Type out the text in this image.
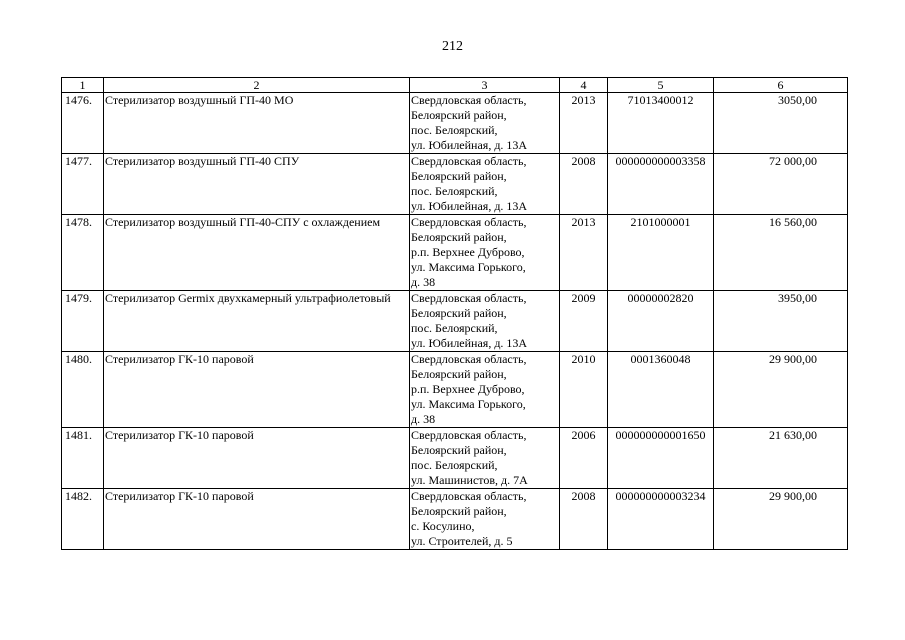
212
1	2	3	4	5	6
1476.	Стерилизатор воздушный ГП-40 МО	Свердловская область,
Белоярский район,
пос. Белоярский,
ул. Юбилейная, д. 13А	2013	71013400012	3050,00
1477.	Стерилизатор воздушный ГП-40 СПУ	Свердловская область,
Белоярский район,
пос. Белоярский,
ул. Юбилейная, д. 13А	2008	000000000003358	72 000,00
1478.	Стерилизатор воздушный ГП-40-СПУ с охлаждением	Свердловская область,
Белоярский район,
р.п. Верхнее Дуброво,
ул. Максима Горького,
д. 38	2013	2101000001	16 560,00
1479.	Стерилизатор Germix двухкамерный ультрафиолетовый	Свердловская область,
Белоярский район,
пос. Белоярский,
ул. Юбилейная, д. 13А	2009	00000002820	3950,00
1480.	Стерилизатор ГК-10 паровой	Свердловская область,
Белоярский район,
р.п. Верхнее Дуброво,
ул. Максима Горького,
д. 38	2010	0001360048	29 900,00
1481.	Стерилизатор ГК-10 паровой	Свердловская область,
Белоярский район,
пос. Белоярский,
ул. Машинистов, д. 7А	2006	000000000001650	21 630,00
1482.	Стерилизатор ГК-10 паровой	Свердловская область,
Белоярский район,
с. Косулино,
ул. Строителей, д. 5	2008	000000000003234	29 900,00
